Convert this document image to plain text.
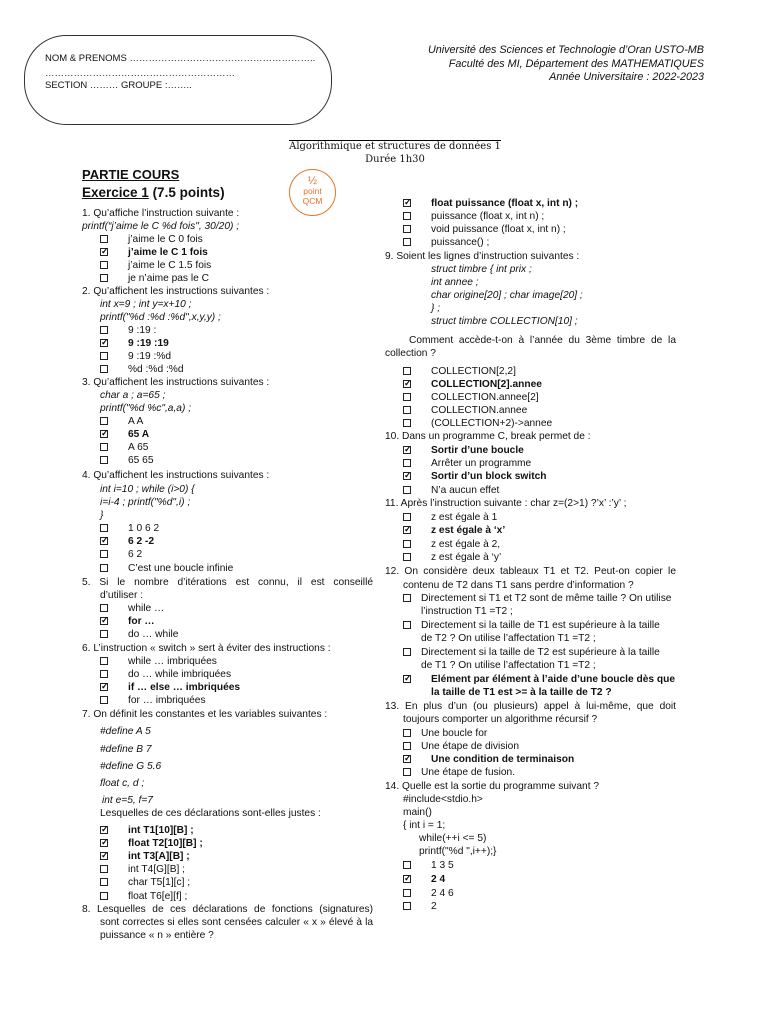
NOM & PRENOMS …………………………………………………..
……………………………………………………
SECTION ……… GROUPE :……..
Université des Sciences et Technologie d’Oran USTO-MB
Faculté des MI, Département des MATHEMATIQUES
Année Universitaire : 2022-2023
Algorithmique et structures de données 1
Durée 1h30
PARTIE COURS
Exercice 1 (7.5 points)
½
point
QCM
1. Qu’affiche l’instruction suivante :
printf(“j’aime le C %d fois", 30/20) ;
j’aime le C 0 fois
✓j’aime le C 1 fois
j’aime le C 1.5 fois
je n’aime pas le C
2. Qu’affichent les instructions suivantes :
int x=9 ; int y=x+10 ;
printf("%d :%d :%d",x,y,y) ;
9 :19 :
✓9 :19 :19
9 :19 :%d
%d :%d :%d
3. Qu’affichent les instructions suivantes :
char a ; a=65 ;
printf("%d %c",a,a) ;
A A
✓65 A
A 65
65 65
4. Qu’affichent les instructions suivantes :
int i=10 ; while (i>0) {
i=i-4 ; printf("%d",i) ;
}
1 0 6 2
✓6 2 -2
6 2
C’est une boucle infinie
5. Si le nombre d’itérations est connu, il est conseillé
d’utiliser :
while …
✓for …
do … while
6. L’instruction « switch » sert à éviter des instructions :
while … imbriquées
do … while imbriquées
✓if … else … imbriquées
for … imbriquées
7. On définit les constantes et les variables suivantes :
#define A 5
#define B 7
#define G 5.6
float c, d ;
int e=5, f=7
Lesquelles de ces déclarations sont-elles justes :
✓int T1[10][B] ;
✓float T2[10][B] ;
✓int T3[A][B] ;
int T4[G][B] ;
char T5[1][c] ;
float T6[e][f] ;
8. Lesquelles de ces déclarations de fonctions (signatures)
sont correctes si elles sont censées calculer « x » élevé à la
puissance « n » entière ?
✓float puissance (float x, int n) ;
puissance (float x, int n) ;
void puissance (float x, int n) ;
puissance() ;
9. Soient les lignes d’instruction suivantes :
struct timbre { int prix ;
int annee ;
char origine[20] ; char image[20] ;
} ;
struct timbre COLLECTION[10] ;
Comment accède-t-on à l’année du 3ème timbre de la
collection ?
COLLECTION[2,2]
✓COLLECTION[2].annee
COLLECTION.annee[2]
COLLECTION.annee
(COLLECTION+2)->annee
10. Dans un programme C, break permet de :
✓Sortir d’une boucle
Arrêter un programme
✓Sortir d’un block switch
N’a aucun effet
11. Après l’instruction suivante : char z=(2>1) ?’x’ :’y’ ;
z est égale à 1
✓z est égale à ‘x’
z est égale à 2,
z est égale à ‘y’
12. On considère deux tableaux T1 et T2. Peut-on copier le
contenu de T2 dans T1 sans perdre d’information ?
Directement si T1 et T2 sont de même taille ? On utilise
l’instruction T1 =T2 ;
Directement si la taille de T1 est supérieure à la taille
de T2 ? On utilise l’affectation T1 =T2 ;
Directement si la taille de T2 est supérieure à la taille
de T1 ? On utilise l’affectation T1 =T2 ;
✓Elément par élément à l’aide d’une boucle dès que
la taille de T1 est >= à la taille de T2 ?
13. En plus d’un (ou plusieurs) appel à lui-même, que doit
toujours comporter un algorithme récursif ?
Une boucle for
Une étape de division
✓Une condition de terminaison
Une étape de fusion.
14. Quelle est la sortie du programme suivant ?
#include<stdio.h>
main()
{ int i = 1;
while(++i <= 5)
printf("%d ",i++);}
1 3 5
✓2 4
2 4 6
2
